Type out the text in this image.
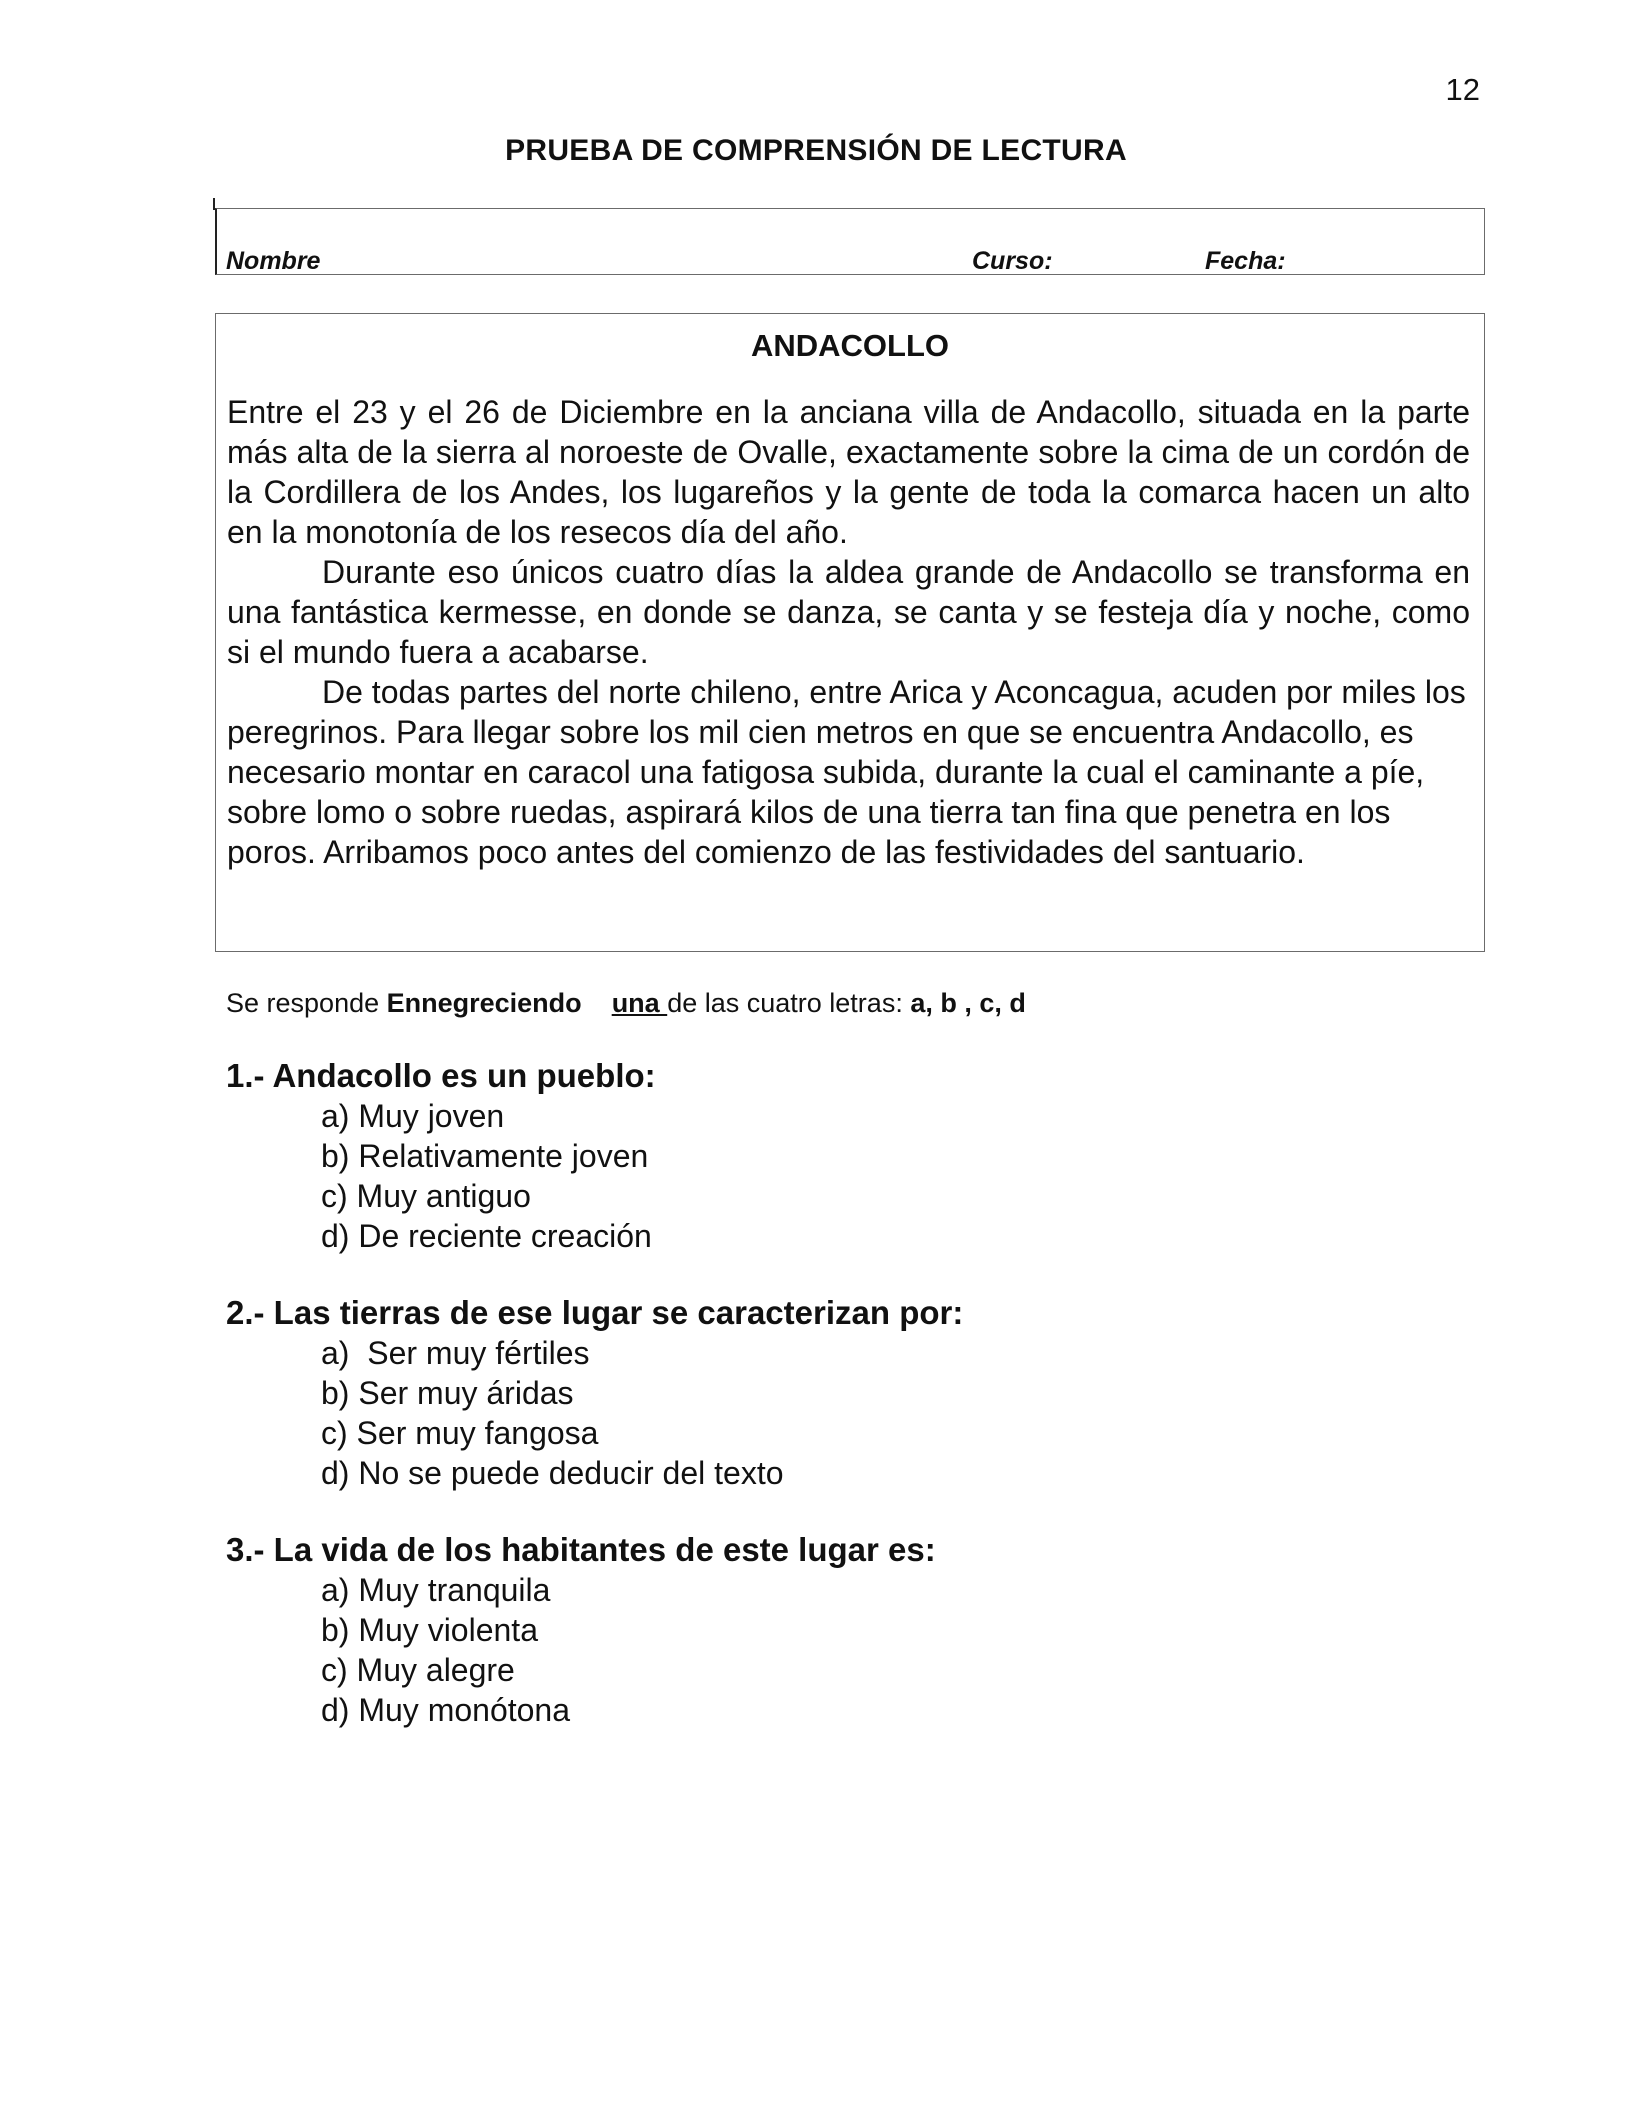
12
PRUEBA DE COMPRENSIÓN DE LECTURA
Nombre	Curso:	Fecha:
ANDACOLLO

Entre el 23 y el 26 de Diciembre en la anciana villa de Andacollo, situada en la parte más alta de la sierra al noroeste de Ovalle, exactamente sobre la cima de un cordón de la Cordillera de los Andes, los lugareños y la gente de toda la comarca hacen un alto en la monotonía de los resecos día del año.

Durante eso únicos cuatro días la aldea grande de Andacollo se transforma en una fantástica kermesse, en donde se danza, se canta y se festeja día y noche, como si el mundo fuera a acabarse.

De todas partes del norte chileno, entre Arica y Aconcagua, acuden por miles los peregrinos. Para llegar sobre los mil cien metros en que se encuentra Andacollo, es necesario montar en caracol una fatigosa subida, durante la cual el caminante a píe, sobre lomo o sobre ruedas, aspirará kilos de una tierra tan fina que penetra en los poros. Arribamos poco antes del comienzo de las festividades del santuario.

Se responde Ennegreciendo una de las cuatro letras: a, b , c, d
1.- Andacollo es un pueblo:
a) Muy joven
b) Relativamente joven
c) Muy antiguo
d) De reciente creación
2.- Las tierras de ese lugar se caracterizan por:
a)  Ser muy fértiles
b) Ser muy áridas
c) Ser muy fangosa
d) No se puede deducir del texto
3.- La vida de los habitantes de este lugar es:
a) Muy tranquila
b) Muy violenta
c) Muy alegre
d) Muy monótona
